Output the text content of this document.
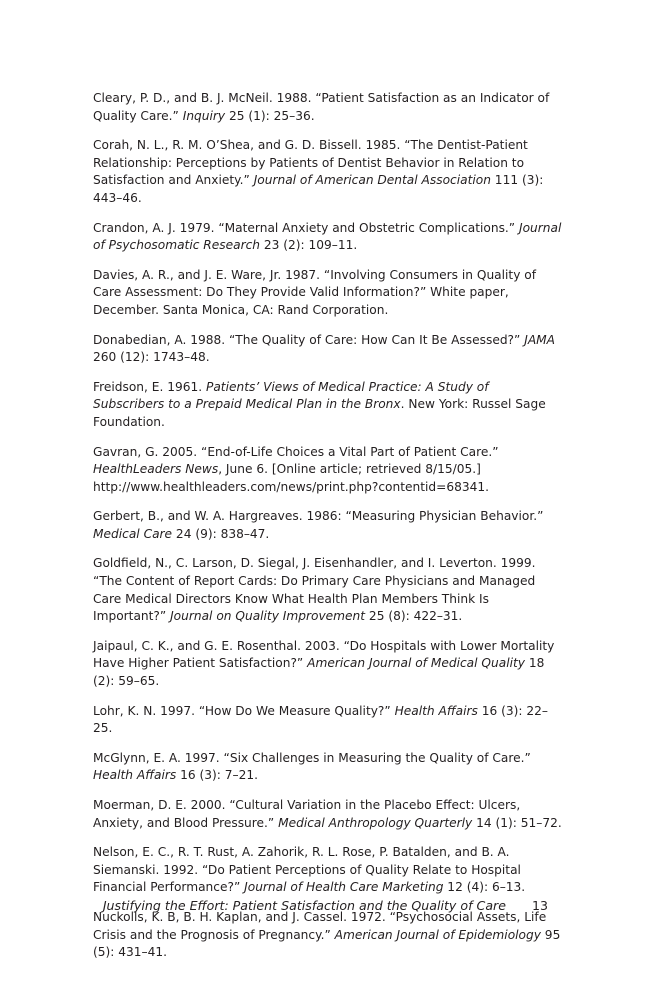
Cleary, P. D., and B. J. McNeil. 1988. “Patient Satisfaction as an Indicator of Quality Care.” Inquiry 25 (1): 25–36.
Corah, N. L., R. M. O’Shea, and G. D. Bissell. 1985. “The Dentist-Patient Relationship: Perceptions by Patients of Dentist Behavior in Relation to Satisfaction and Anxiety.” Journal of American Dental Association 111 (3): 443–46.
Crandon, A. J. 1979. “Maternal Anxiety and Obstetric Complications.” Journal of Psychosomatic Research 23 (2): 109–11.
Davies, A. R., and J. E. Ware, Jr. 1987. “Involving Consumers in Quality of Care Assessment: Do They Provide Valid Information?” White paper, December. Santa Monica, CA: Rand Corporation.
Donabedian, A. 1988. “The Quality of Care: How Can It Be Assessed?” JAMA 260 (12): 1743–48.
Freidson, E. 1961. Patients’ Views of Medical Practice: A Study of Subscribers to a Prepaid Medical Plan in the Bronx. New York: Russel Sage Foundation.
Gavran, G. 2005. “End-of-Life Choices a Vital Part of Patient Care.” HealthLeaders News, June 6. [Online article; retrieved 8/15/05.] http://www.healthleaders.com/news/print.php?contentid=68341.
Gerbert, B., and W. A. Hargreaves. 1986: “Measuring Physician Behavior.” Medical Care 24 (9): 838–47.
Goldfield, N., C. Larson, D. Siegal, J. Eisenhandler, and I. Leverton. 1999. “The Content of Report Cards: Do Primary Care Physicians and Managed Care Medical Directors Know What Health Plan Members Think Is Important?” Journal on Quality Improvement 25 (8): 422–31.
Jaipaul, C. K., and G. E. Rosenthal. 2003. “Do Hospitals with Lower Mortality Have Higher Patient Satisfaction?” American Journal of Medical Quality 18 (2): 59–65.
Lohr, K. N. 1997. “How Do We Measure Quality?” Health Affairs 16 (3): 22–25.
McGlynn, E. A. 1997. “Six Challenges in Measuring the Quality of Care.” Health Affairs 16 (3): 7–21.
Moerman, D. E. 2000. “Cultural Variation in the Placebo Effect: Ulcers, Anxiety, and Blood Pressure.” Medical Anthropology Quarterly 14 (1): 51–72.
Nelson, E. C., R. T. Rust, A. Zahorik, R. L. Rose, P. Batalden, and B. A. Siemanski. 1992. “Do Patient Perceptions of Quality Relate to Hospital Financial Performance?” Journal of Health Care Marketing 12 (4): 6–13.
Nuckolls, K. B, B. H. Kaplan, and J. Cassel. 1972. “Psychosocial Assets, Life Crisis and the Prognosis of Pregnancy.” American Journal of Epidemiology 95 (5): 431–41.
Justifying the Effort: Patient Satisfaction and the Quality of Care 13
